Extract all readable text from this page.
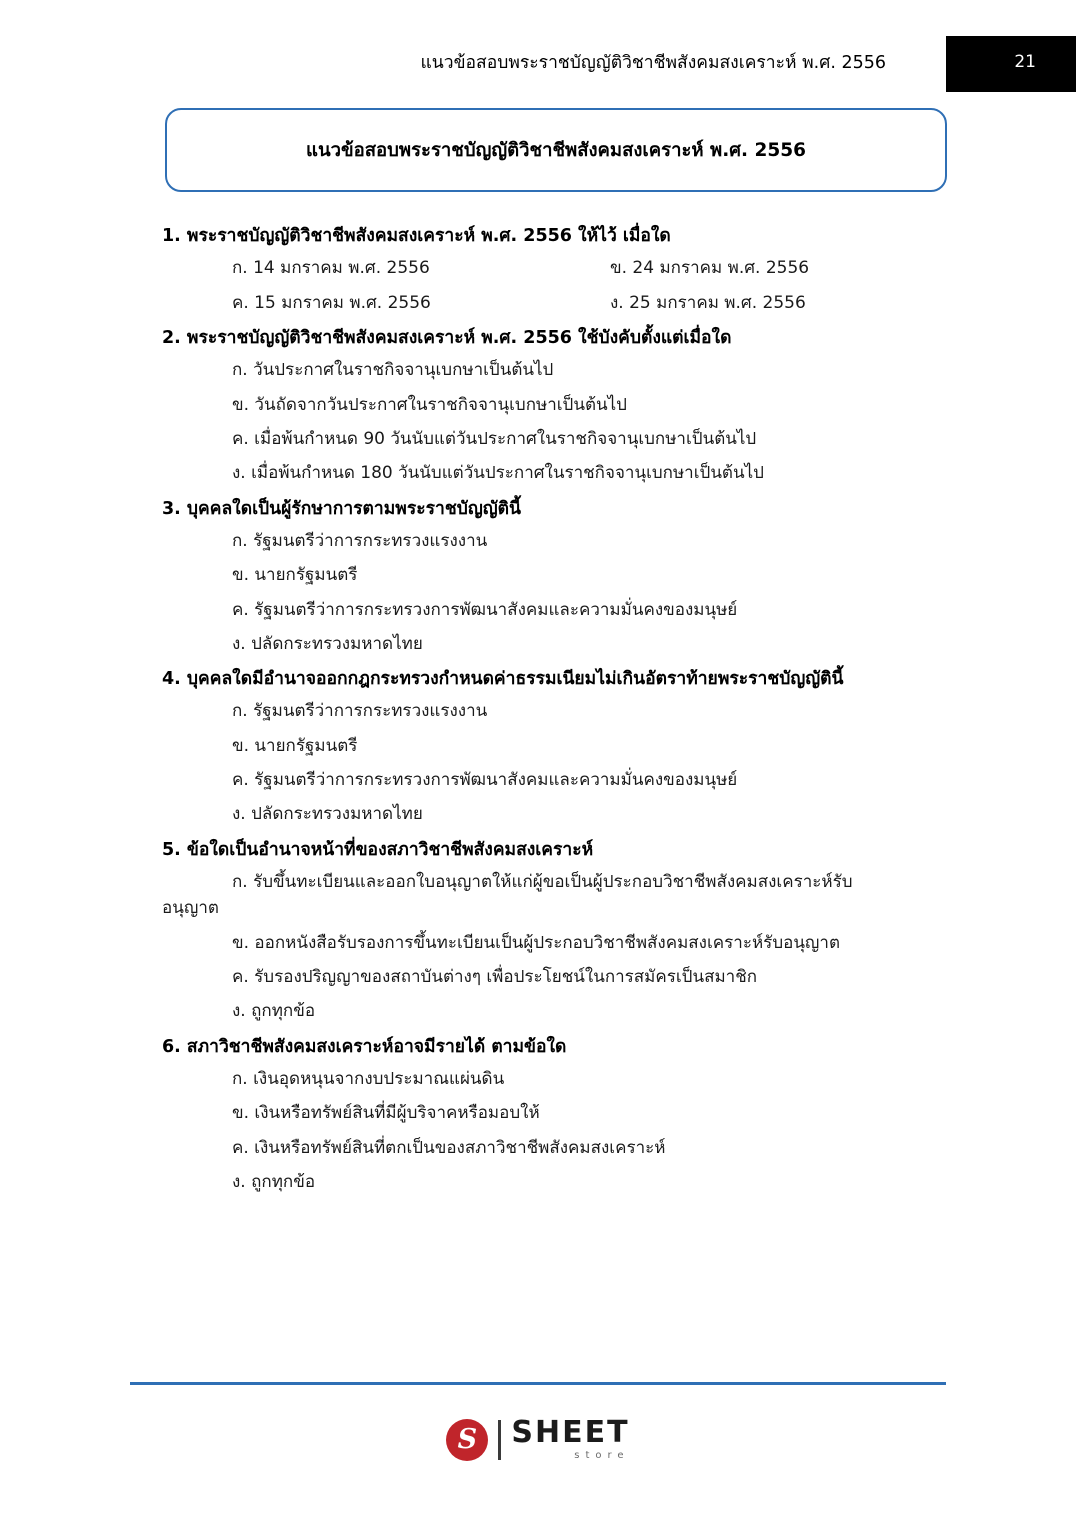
แนวข้อสอบพระราชบัญญัติวิชาชีพสังคมสงเคราะห์ พ.ศ. 2556	21
แนวข้อสอบพระราชบัญญัติวิชาชีพสังคมสงเคราะห์ พ.ศ. 2556
1. พระราชบัญญัติวิชาชีพสังคมสงเคราะห์ พ.ศ. 2556 ให้ไว้ เมื่อใด
ก. 14 มกราคม พ.ศ. 2556	ข. 24 มกราคม พ.ศ. 2556
ค. 15 มกราคม พ.ศ. 2556	ง. 25 มกราคม พ.ศ. 2556
2. พระราชบัญญัติวิชาชีพสังคมสงเคราะห์ พ.ศ. 2556 ใช้บังคับตั้งแต่เมื่อใด
ก. วันประกาศในราชกิจจานุเบกษาเป็นต้นไป
ข. วันถัดจากวันประกาศในราชกิจจานุเบกษาเป็นต้นไป
ค. เมื่อพ้นกำหนด 90 วันนับแต่วันประกาศในราชกิจจานุเบกษาเป็นต้นไป
ง. เมื่อพ้นกำหนด 180 วันนับแต่วันประกาศในราชกิจจานุเบกษาเป็นต้นไป
3. บุคคลใดเป็นผู้รักษาการตามพระราชบัญญัตินี้
ก. รัฐมนตรีว่าการกระทรวงแรงงาน
ข. นายกรัฐมนตรี
ค. รัฐมนตรีว่าการกระทรวงการพัฒนาสังคมและความมั่นคงของมนุษย์
ง. ปลัดกระทรวงมหาดไทย
4. บุคคลใดมีอำนาจออกกฎกระทรวงกำหนดค่าธรรมเนียมไม่เกินอัตราท้ายพระราชบัญญัตินี้
ก. รัฐมนตรีว่าการกระทรวงแรงงาน
ข. นายกรัฐมนตรี
ค. รัฐมนตรีว่าการกระทรวงการพัฒนาสังคมและความมั่นคงของมนุษย์
ง. ปลัดกระทรวงมหาดไทย
5. ข้อใดเป็นอำนาจหน้าที่ของสภาวิชาชีพสังคมสงเคราะห์
ก. รับขึ้นทะเบียนและออกใบอนุญาตให้แก่ผู้ขอเป็นผู้ประกอบวิชาชีพสังคมสงเคราะห์รับ
อนุญาต
ข. ออกหนังสือรับรองการขึ้นทะเบียนเป็นผู้ประกอบวิชาชีพสังคมสงเคราะห์รับอนุญาต
ค. รับรองปริญญาของสถาบันต่างๆ เพื่อประโยชน์ในการสมัครเป็นสมาชิก
ง. ถูกทุกข้อ
6. สภาวิชาชีพสังคมสงเคราะห์อาจมีรายได้ ตามข้อใด
ก. เงินอุดหนุนจากงบประมาณแผ่นดิน
ข. เงินหรือทรัพย์สินที่มีผู้บริจาคหรือมอบให้
ค. เงินหรือทรัพย์สินที่ตกเป็นของสภาวิชาชีพสังคมสงเคราะห์
ง. ถูกทุกข้อ
S	SHEET
store
